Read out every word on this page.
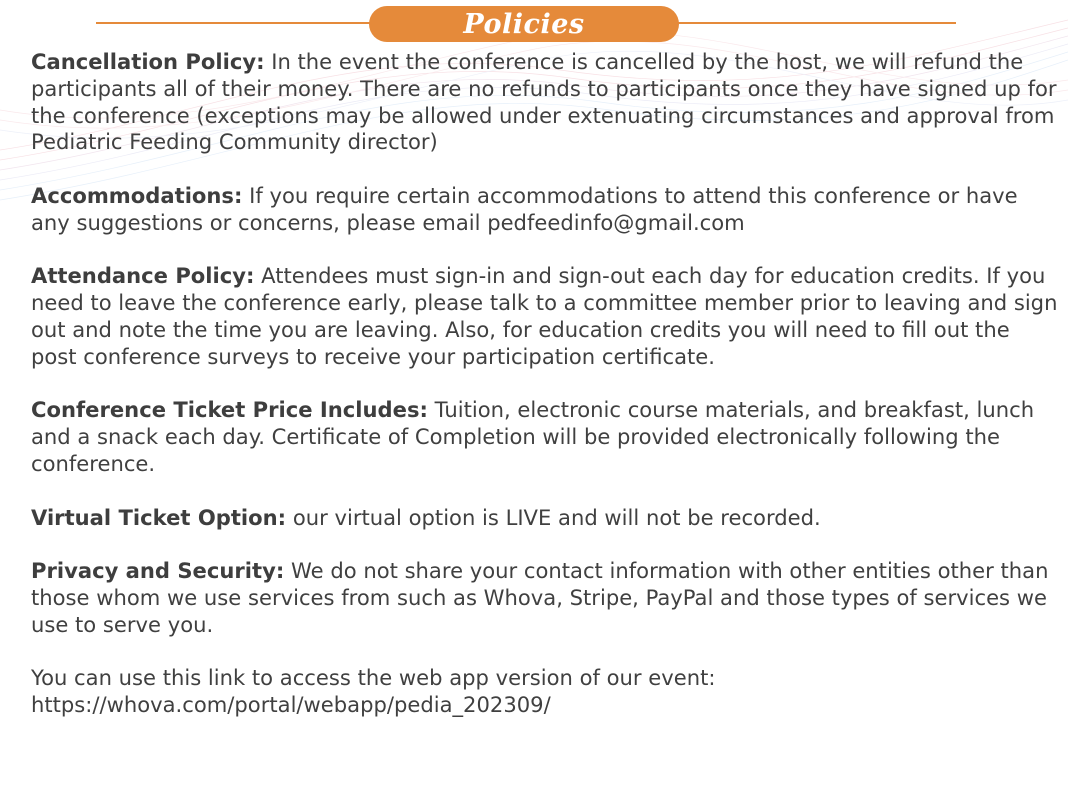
Policies

Cancellation Policy: In the event the conference is cancelled by the host, we will refund the participants all of their money. There are no refunds to participants once they have signed up for the conference (exceptions may be allowed under extenuating circumstances and approval from Pediatric Feeding Community director)

Accommodations: If you require certain accommodations to attend this conference or have any suggestions or concerns, please email pedfeedinfo@gmail.com

Attendance Policy: Attendees must sign-in and sign-out each day for education credits. If you need to leave the conference early, please talk to a committee member prior to leaving and sign out and note the time you are leaving. Also, for education credits you will need to fill out the post conference surveys to receive your participation certificate.

Conference Ticket Price Includes: Tuition, electronic course materials, and breakfast, lunch and a snack each day. Certificate of Completion will be provided electronically following the conference.

Virtual Ticket Option: our virtual option is LIVE and will not be recorded.

Privacy and Security: We do not share your contact information with other entities other than those whom we use services from such as Whova, Stripe, PayPal and those types of services we use to serve you.

You can use this link to access the web app version of our event:
https://whova.com/portal/webapp/pedia_202309/
